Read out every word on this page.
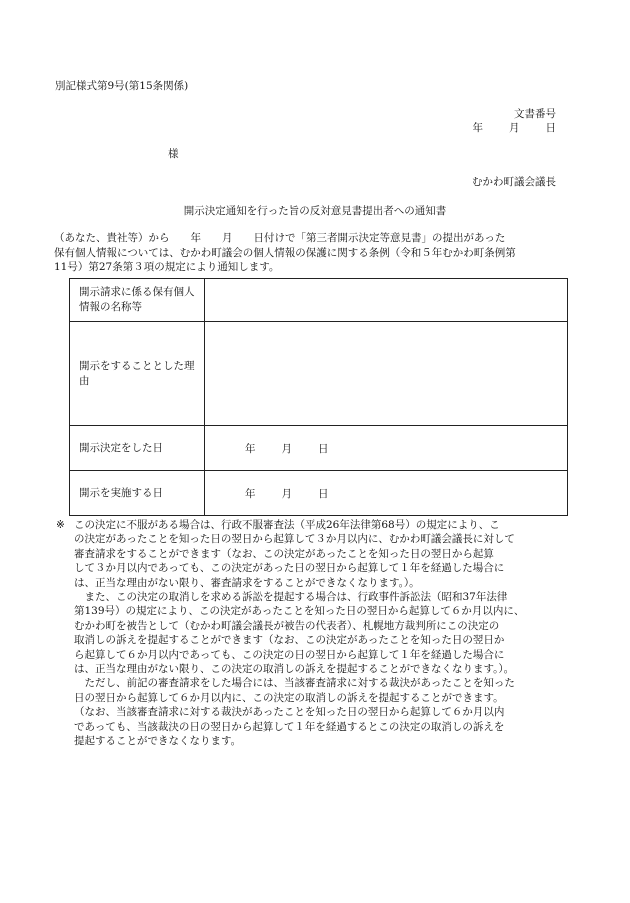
別記様式第9号(第15条関係)
文書番号
年 月 日
様
むかわ町議会議長
開示決定通知を行った旨の反対意見書提出者への通知書

（あなた、貴社等）から　　年　　月　　日付けで「第三者開示決定等意見書」の提出があった

保有個人情報については、むかわ町議会の個人情報の保護に関する条例（令和５年むかわ町条例第

11号）第27条第３項の規定により通知します。

開示請求に係る保有個人情報の名称等	
開示をすることとした理由	
開示決定をした日	年 月 日
開示を実施する日	年 月 日
※ この決定に不服がある場合は、行政不服審査法（平成26年法律第68号）の規定により、こ

の決定があったことを知った日の翌日から起算して３か月以内に、むかわ町議会議長に対して

審査請求をすることができます（なお、この決定があったことを知った日の翌日から起算

して３か月以内であっても、この決定があった日の翌日から起算して１年を経過した場合に

は、正当な理由がない限り、審査請求をすることができなくなります。）。

　また、この決定の取消しを求める訴訟を提起する場合は、行政事件訴訟法（昭和37年法律

第139号）の規定により、この決定があったことを知った日の翌日から起算して６か月以内に、

むかわ町を被告として（むかわ町議会議長が被告の代表者）、札幌地方裁判所にこの決定の

取消しの訴えを提起することができます（なお、この決定があったことを知った日の翌日か

ら起算して６か月以内であっても、この決定の日の翌日から起算して１年を経過した場合に

は、正当な理由がない限り、この決定の取消しの訴えを提起することができなくなります。）。

　ただし、前記の審査請求をした場合には、当該審査請求に対する裁決があったことを知った

日の翌日から起算して６か月以内に、この決定の取消しの訴えを提起することができます。

（なお、当該審査請求に対する裁決があったことを知った日の翌日から起算して６か月以内

であっても、当該裁決の日の翌日から起算して１年を経過するとこの決定の取消しの訴えを

提起することができなくなります。
